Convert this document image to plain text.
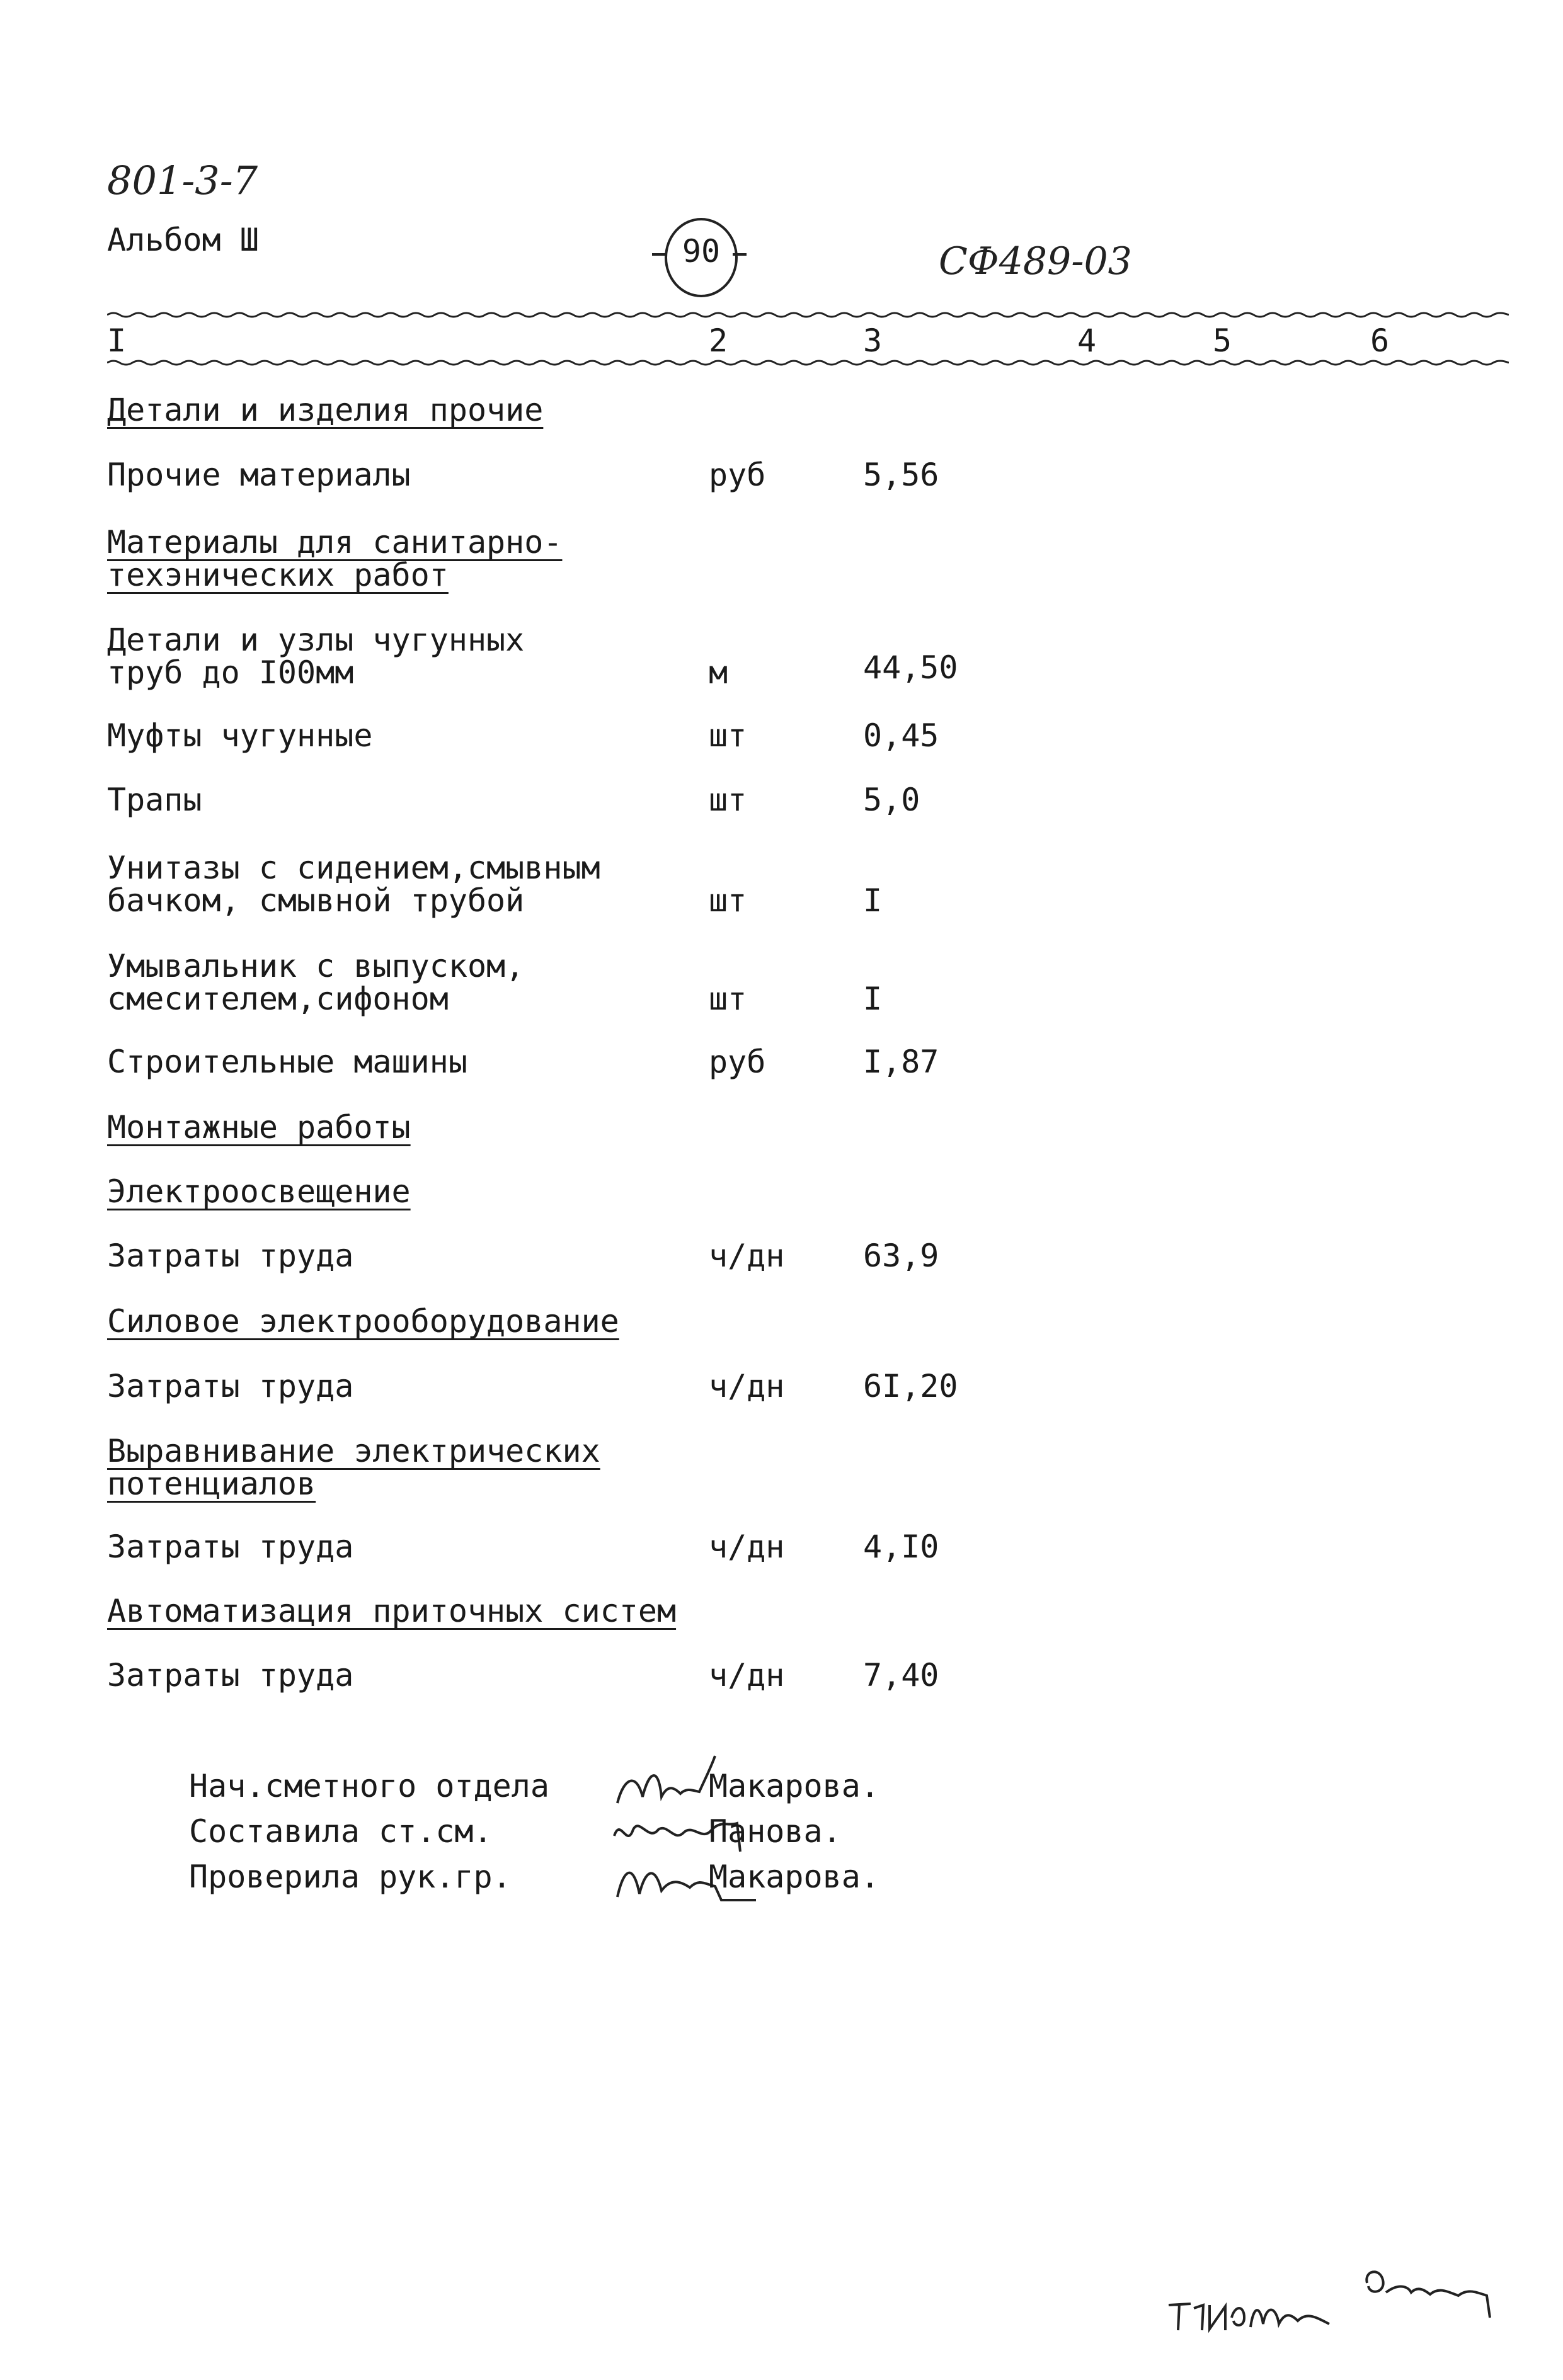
801-3-7
Альбом Ш	90	СФ489-03
I	2	3	4	5	6
Детали и изделия прочие
Прочие материалы	руб	5,56
Материалы для санитарно-
техэнических работ
Детали и узлы чугунных
труб до I00мм	м	44,50
Муфты чугунные	шт	0,45
Трапы	шт	5,0
Унитазы с сидением,смывным
бачком, смывной трубой	шт	I
Умывальник с выпуском,
смесителем,сифоном	шт	I
Строительные машины	руб	I,87
Монтажные работы
Электроосвещение
Затраты труда	ч/дн 63,9
Силовое электрооборудование
Затраты труда	ч/дн 6I,20
Выравнивание электрических
потенциалов
Затраты труда	ч/дн 4,I0
Автоматизация приточных систем
Затраты труда	ч/дн 7,40
Нач.сметного отдела	Макарова.
Составила ст.см.	Панова.
Проверила рук.гр.	Макарова.
